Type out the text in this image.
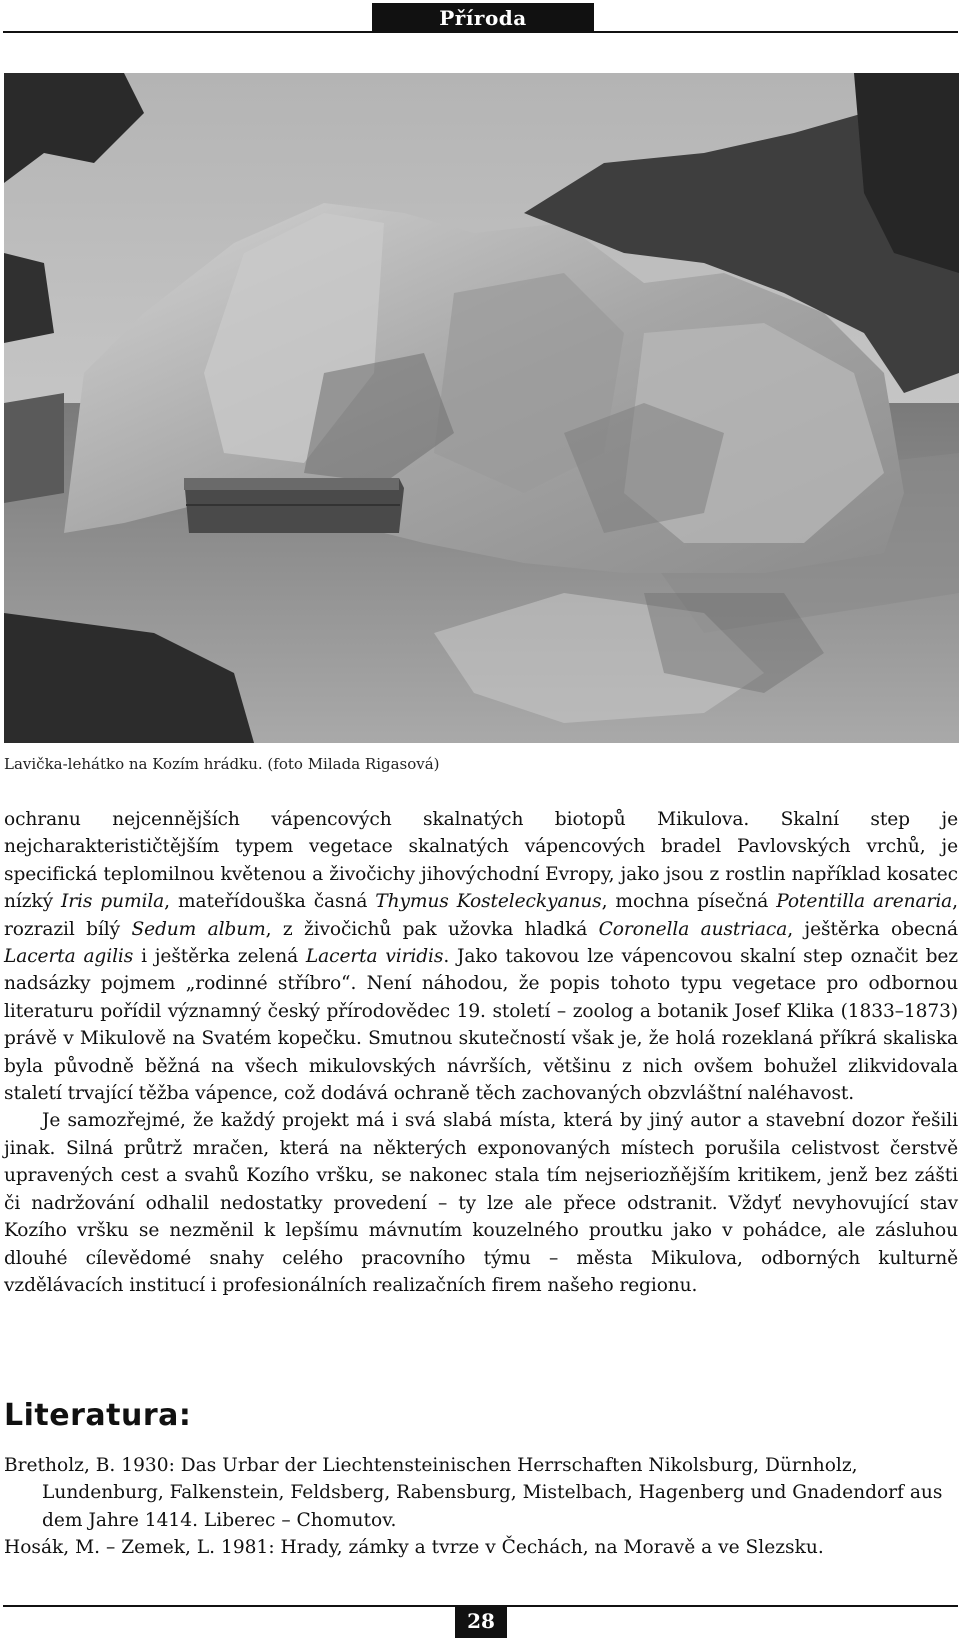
Příroda
Lavička-lehátko na Kozím hrádku. (foto Milada Rigasová)

ochranu nejcennějších vápencových skalnatých biotopů Mikulova. Skalní step je nejcharakterističtějším typem vegetace skalnatých vápencových bradel Pavlovských vrchů, je specifická teplomilnou květenou a živočichy jihovýchodní Evropy, jako jsou z rostlin například kosatec nízký Iris pumila, mateřídouška časná Thymus Kosteleckyanus, mochna písečná Potentilla arenaria, rozrazil bílý Sedum album, z živočichů pak užovka hladká Coronella austriaca, ještěrka obecná Lacerta agilis i ještěrka zelená Lacerta viridis. Jako takovou lze vápencovou skalní step označit bez nadsázky pojmem „rodinné stříbro“. Není náhodou, že popis tohoto typu vegetace pro odbornou literaturu pořídil významný český přírodovědec 19. století – zoolog a botanik Josef Klika (1833–1873) právě v Mikulově na Svatém kopečku. Smutnou skutečností však je, že holá rozeklaná příkrá skaliska byla původně běžná na všech mikulovských návrších, většinu z nich ovšem bohužel zlikvidovala staletí trvající těžba vápence, což dodává ochraně těch zachovaných obzvláštní naléhavost.

Je samozřejmé, že každý projekt má i svá slabá místa, která by jiný autor a stavební dozor řešili jinak. Silná průtrž mračen, která na některých exponovaných místech porušila celistvost čerstvě upravených cest a svahů Kozího vršku, se nakonec stala tím nejseriozňějším kritikem, jenž bez zášti či nadržování odhalil nedostatky provedení – ty lze ale přece odstranit. Vždyť nevyhovující stav Kozího vršku se nezměnil k lepšímu mávnutím kouzelného proutku jako v pohádce, ale zásluhou dlouhé cílevědomé snahy celého pracovního týmu – města Mikulova, odborných kulturně vzdělávacích institucí i profesionálních realizačních firem našeho regionu.

Literatura:

Bretholz, B. 1930: Das Urbar der Liechtensteinischen Herrschaften Nikolsburg, Dürnholz, Lundenburg, Falkenstein, Feldsberg, Rabensburg, Mistelbach, Hagenberg und Gnadendorf aus dem Jahre 1414. Liberec – Chomutov.

Hosák, M. – Zemek, L. 1981: Hrady, zámky a tvrze v Čechách, na Moravě a ve Slezsku.

28
